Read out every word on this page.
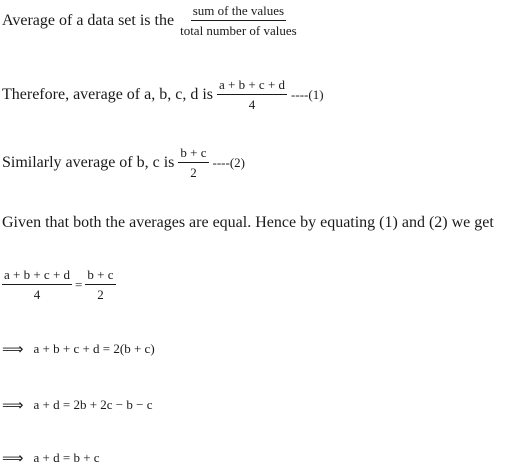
Average of a data set is the $\frac{\text{sum of the values}}{\text{total number of values}}$
Therefore, average of a, b, c, d is $\frac{a + b + c + d}{4} ----(1)$
Similarly average of b, c is $\frac{b + c}{2} ----(2)$
Given that both the averages are equal. Hence by equating (1) and (2) we get
$\frac{a + b + c + d}{4} = \frac{b + c}{2}$
⟹ a + b + c + d = 2(b + c)
⟹ a + d = 2b + 2c − b − c
⟹ a + d = b + c
